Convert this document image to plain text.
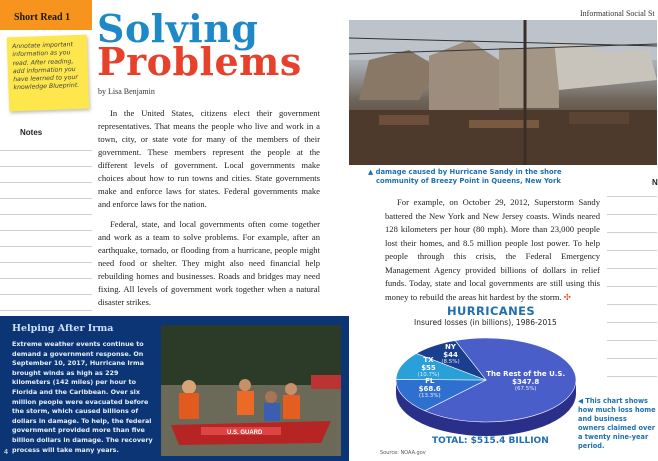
Short Read 1
Annotate important information as you read. After reading, add information you have learned to your knowledge Blueprint.
Notes
Solving
Problems
by Lisa Benjamin
In the United States, citizens elect their government representatives. That means the people who live and work in a town, city, or state vote for many of the members of their government. These members represent the people at the different levels of government. Local governments make choices about how to run towns and cities. State governments make and enforce laws for states. Federal governments make and enforce laws for the nation.
Federal, state, and local governments often come together and work as a team to solve problems. For example, after an earthquake, tornado, or flooding from a hurricane, people might need food or shelter. They might also need financial help rebuilding homes and businesses. Roads and bridges may need fixing. All levels of government work together when a natural disaster strikes.
Helping After Irma
Extreme weather events continue to demand a government response. On September 10, 2017, Hurricane Irma brought winds as high as 229 kilometers (142 miles) per hour to Florida and the Caribbean. Over six million people were evacuated before the storm, which caused billions of dollars in damage. To help, the federal government provided more than five billion dollars in damage. The recovery process will take many years.
U.S. GUARD
4
Informational Social St
▲ damage caused by Hurricane Sandy in the shore
community of Breezy Point in Queens, New York
For example, on October 29, 2012, Superstorm Sandy battered the New York and New Jersey coasts. Winds neared 128 kilometers per hour (80 mph). More than 23,000 people lost their homes, and 8.5 million people lost power. To help people through this crisis, the Federal Emergency Management Agency provided billions of dollars in relief funds. Today, state and local governments are still using this money to rebuild the areas hit hardest by the storm. ✣
N
HURRICANES
Insured losses (in billions), 1986-2015
The Rest of the U.S.
$347.8
(67.5%)
FL
$68.6
(13.3%)
TX
$55
(10.7%)
NY
$44
(8.5%)
TOTAL: $515.4 BILLION
Source: NOAA.gov
◀ This chart shows how much loss home and business owners claimed over a twenty nine-year period.
